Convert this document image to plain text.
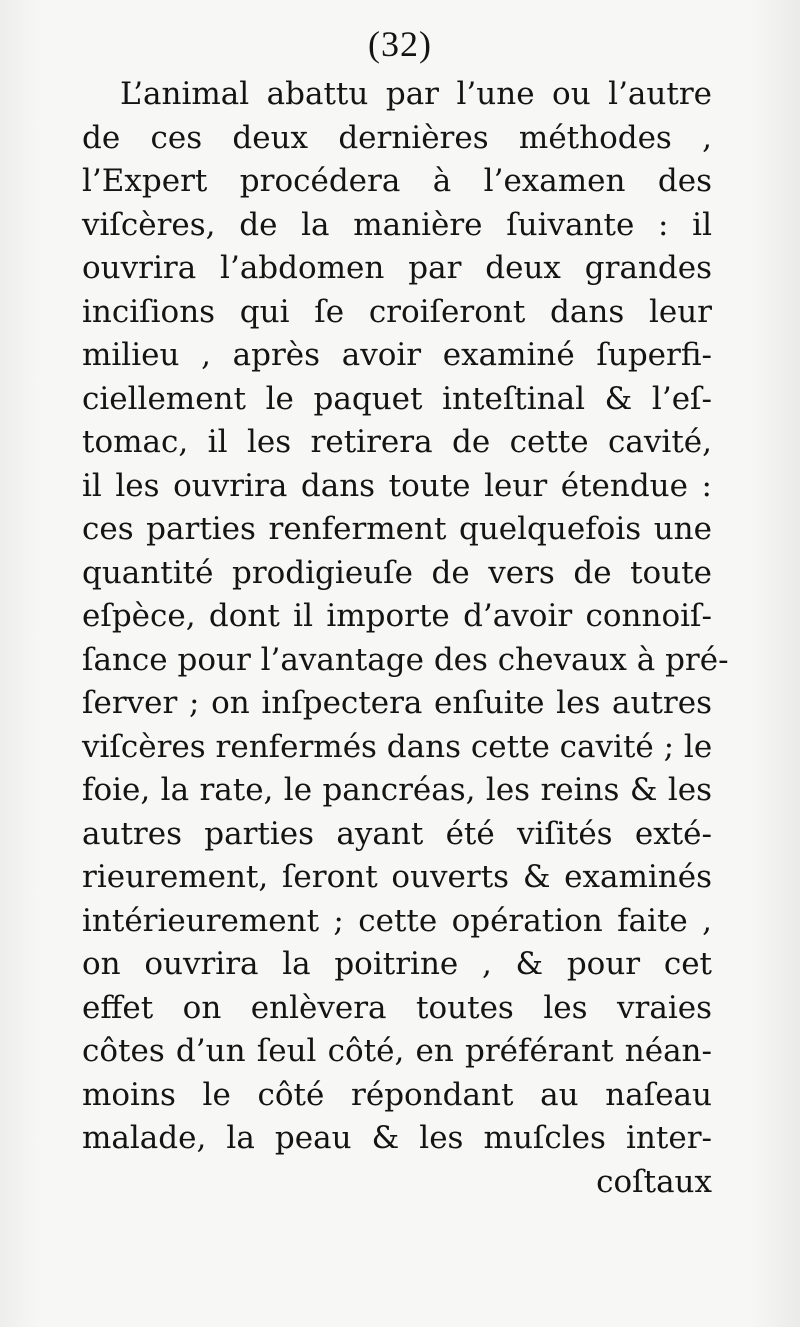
(32)
L’animal abattu par l’une ou l’autre
de ces deux dernières méthodes ,
l’Expert procédera à l’examen des
viſcères, de la manière ſuivante : il
ouvrira l’abdomen par deux grandes
inciſions qui ſe croiſeront dans leur
milieu , après avoir examiné ſuperfi-
ciellement le paquet inteſtinal & l’eſ-
tomac, il les retirera de cette cavité,
il les ouvrira dans toute leur étendue :
ces parties renferment quelquefois une
quantité prodigieuſe de vers de toute
eſpèce, dont il importe d’avoir connoiſ-
ſance pour l’avantage des chevaux à pré-
ſerver ; on inſpectera enſuite les autres
viſcères renfermés dans cette cavité ; le
foie, la rate, le pancréas, les reins & les
autres parties ayant été viſités exté-
rieurement, ſeront ouverts & examinés
intérieurement ; cette opération faite ,
on ouvrira la poitrine , & pour cet
effet on enlèvera toutes les vraies
côtes d’un ſeul côté, en préférant néan-
moins le côté répondant au naſeau
malade, la peau & les muſcles inter-
coſtaux
